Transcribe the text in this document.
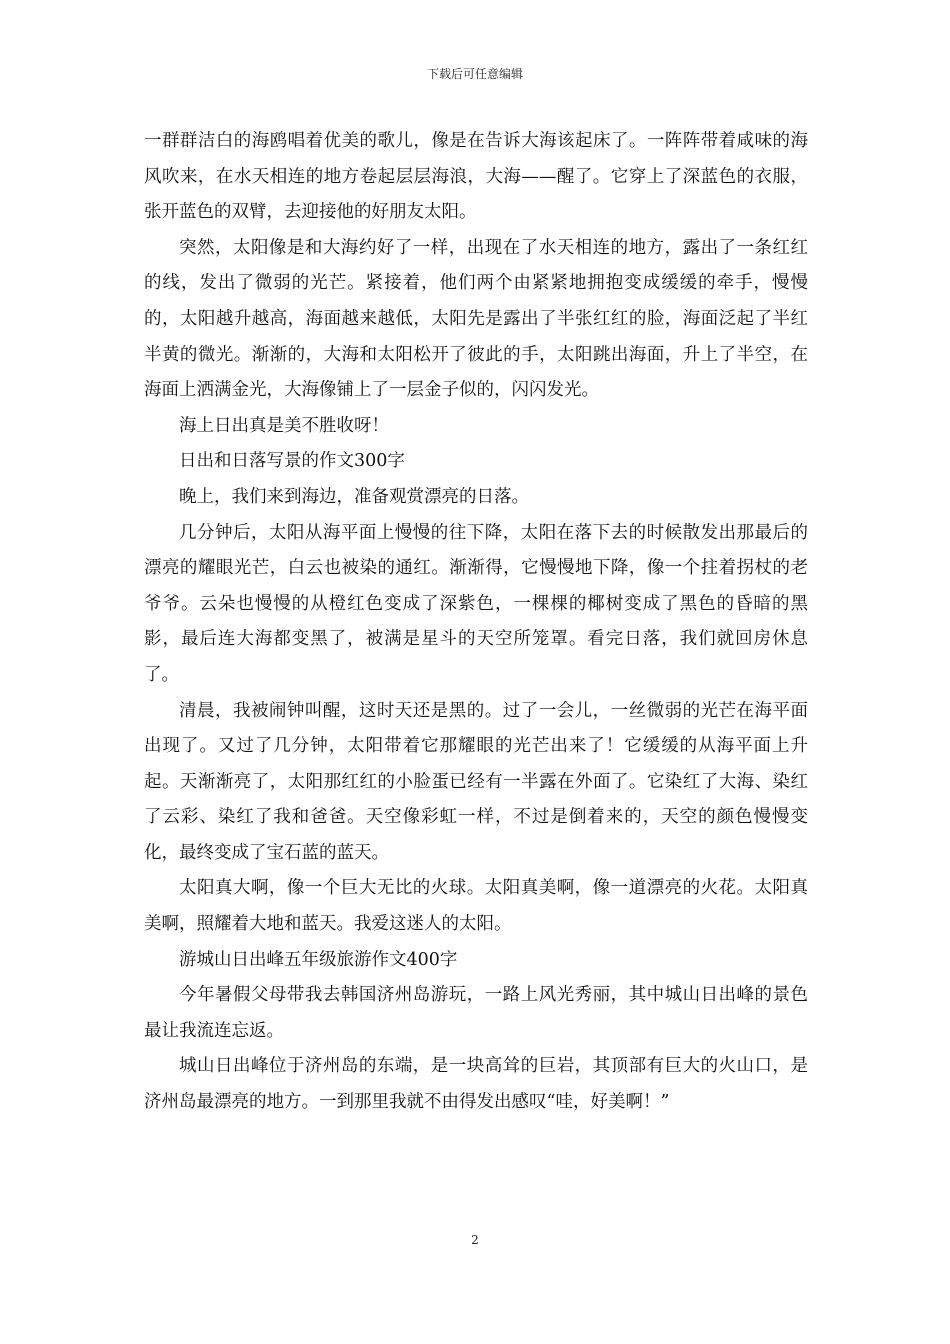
下载后可任意编辑

一群群洁白的海鸥唱着优美的歌儿，像是在告诉大海该起床了。一阵阵带着咸味的海风吹来，在水天相连的地方卷起层层海浪，大海——醒了。它穿上了深蓝色的衣服，张开蓝色的双臂，去迎接他的好朋友太阳。

突然，太阳像是和大海约好了一样，出现在了水天相连的地方，露出了一条红红的线，发出了微弱的光芒。紧接着，他们两个由紧紧地拥抱变成缓缓的牵手，慢慢的，太阳越升越高，海面越来越低，太阳先是露出了半张红红的脸，海面泛起了半红半黄的微光。渐渐的，大海和太阳松开了彼此的手，太阳跳出海面，升上了半空，在海面上洒满金光，大海像铺上了一层金子似的，闪闪发光。

海上日出真是美不胜收呀！

日出和日落写景的作文300字

晚上，我们来到海边，准备观赏漂亮的日落。

几分钟后，太阳从海平面上慢慢的往下降，太阳在落下去的时候散发出那最后的漂亮的耀眼光芒，白云也被染的通红。渐渐得，它慢慢地下降，像一个拄着拐杖的老爷爷。云朵也慢慢的从橙红色变成了深紫色，一棵棵的椰树变成了黑色的昏暗的黑影，最后连大海都变黑了，被满是星斗的天空所笼罩。看完日落，我们就回房休息了。

清晨，我被闹钟叫醒，这时天还是黑的。过了一会儿，一丝微弱的光芒在海平面出现了。又过了几分钟，太阳带着它那耀眼的光芒出来了！它缓缓的从海平面上升起。天渐渐亮了，太阳那红红的小脸蛋已经有一半露在外面了。它染红了大海、染红了云彩、染红了我和爸爸。天空像彩虹一样，不过是倒着来的，天空的颜色慢慢变化，最终变成了宝石蓝的蓝天。

太阳真大啊，像一个巨大无比的火球。太阳真美啊，像一道漂亮的火花。太阳真美啊，照耀着大地和蓝天。我爱这迷人的太阳。

游城山日出峰五年级旅游作文400字

今年暑假父母带我去韩国济州岛游玩，一路上风光秀丽，其中城山日出峰的景色最让我流连忘返。

城山日出峰位于济州岛的东端，是一块高耸的巨岩，其顶部有巨大的火山口，是济州岛最漂亮的地方。一到那里我就不由得发出感叹“哇，好美啊！”

2
